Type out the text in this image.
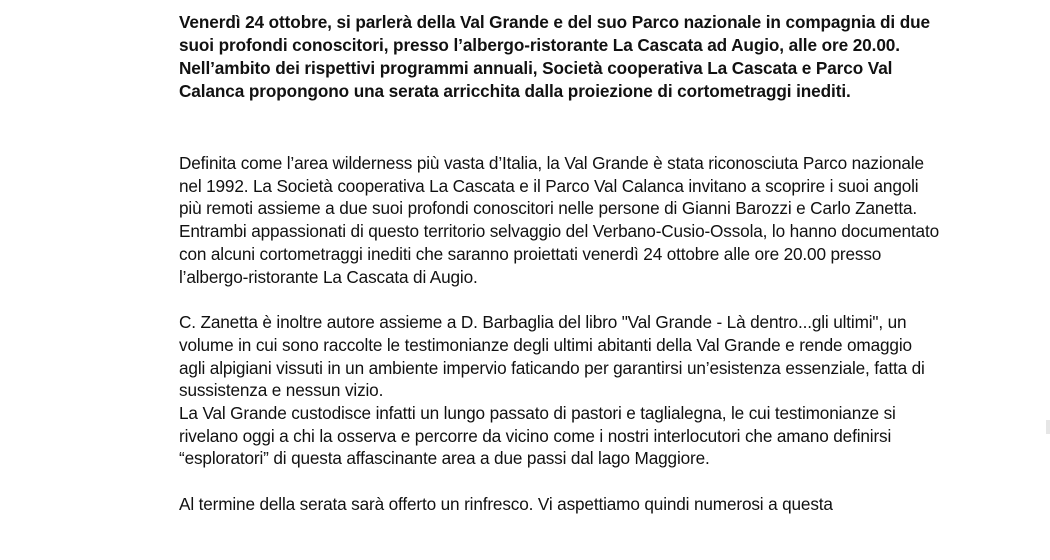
Venerdì 24 ottobre, si parlerà della Val Grande e del suo Parco nazionale in compagnia di due suoi profondi conoscitori, presso l’albergo-ristorante La Cascata ad Augio, alle ore 20.00.

Nell’ambito dei rispettivi programmi annuali, Società cooperativa La Cascata e Parco Val Calanca propongono una serata arricchita dalla proiezione di cortometraggi inediti.

Definita come l’area wilderness più vasta d’Italia, la Val Grande è stata riconosciuta Parco nazionale nel 1992. La Società cooperativa La Cascata e il Parco Val Calanca invitano a scoprire i suoi angoli più remoti assieme a due suoi profondi conoscitori nelle persone di Gianni Barozzi e Carlo Zanetta. Entrambi appassionati di questo territorio selvaggio del Verbano-Cusio-Ossola, lo hanno documentato con alcuni cortometraggi inediti che saranno proiettati venerdì 24 ottobre alle ore 20.00 presso l’albergo-ristorante La Cascata di Augio.

C. Zanetta è inoltre autore assieme a D. Barbaglia del libro "Val Grande - Là dentro...gli ultimi", un volume in cui sono raccolte le testimonianze degli ultimi abitanti della Val Grande e rende omaggio agli alpigiani vissuti in un ambiente impervio faticando per garantirsi un’esistenza essenziale, fatta di sussistenza e nessun vizio.

La Val Grande custodisce infatti un lungo passato di pastori e taglialegna, le cui testimonianze si rivelano oggi a chi la osserva e percorre da vicino come i nostri interlocutori che amano definirsi “esploratori” di questa affascinante area a due passi dal lago Maggiore.

Al termine della serata sarà offerto un rinfresco. Vi aspettiamo quindi numerosi a questa
